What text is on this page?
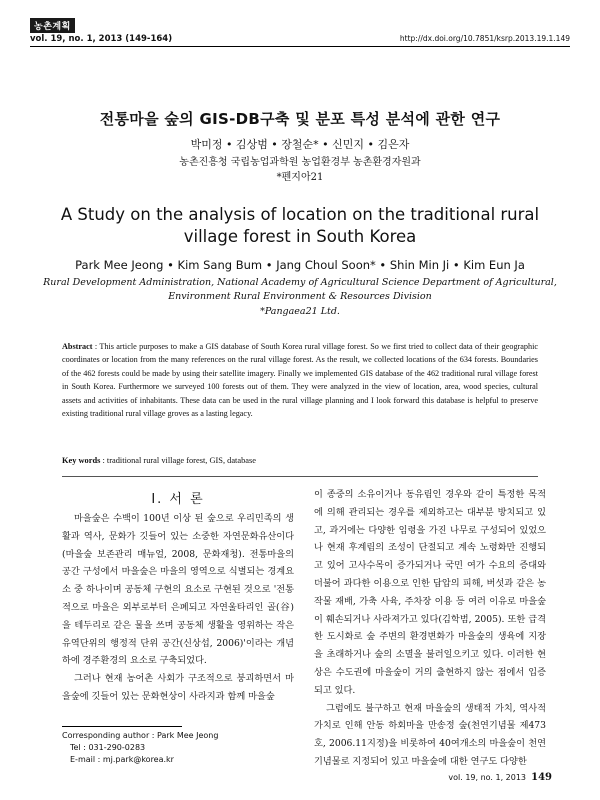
농촌계획
vol. 19, no. 1, 2013 (149-164)	http://dx.doi.org/10.7851/ksrp.2013.19.1.149
전통마을 숲의 GIS-DB구축 및 분포 특성 분석에 관한 연구
박미정 • 김상범 • 장철순* • 신민지 • 김은자
농촌진흥청 국립농업과학원 농업환경부 농촌환경자원과
*펜지아21
A Study on the analysis of location on the traditional rural village forest in South Korea
Park Mee Jeong • Kim Sang Bum • Jang Choul Soon* • Shin Min Ji • Kim Eun Ja
Rural Development Administration, National Academy of Agricultural Science Department of Agricultural, Environment Rural Environment & Resources Division
*Pangaea21 Ltd.
Abstract : This article purposes to make a GIS database of South Korea rural village forest. So we first tried to collect data of their geographic coordinates or location from the many references on the rural village forest. As the result, we collected locations of the 634 forests. Boundaries of the 462 forests could be made by using their satellite imagery. Finally we implemented GIS database of the 462 traditional rural village forest in South Korea. Furthermore we surveyed 100 forests out of them. They were analyzed in the view of location, area, wood species, cultural assets and activities of inhabitants. These data can be used in the rural village planning and I look forward this database is helpful to preserve existing traditional rural village groves as a lasting legacy.
Key words : traditional rural village forest, GIS, database
Ⅰ. 서 론

마을숲은 수백이 100년 이상 된 숲으로 우리민족의 생활과 역사, 문화가 깃들어 있는 소중한 자연문화유산이다(마을숲 보존관리 매뉴얼, 2008, 문화재청). 전통마을의 공간 구성에서 마을숲은 마을의 영역으로 식별되는 경계요소 중 하나이며 공동체 구현의 요소로 구현된 것으로 '전통적으로 마을은 외부로부터 은폐되고 자연울타리인 골(谷)을 테두리로 같은 물을 쓰며 공동체 생활을 영위하는 작은 유역단위의 행정적 단위 공간(신상섭, 2006)'이라는 개념 하에 경주환경의 요소로 구축되었다.

그러나 현재 농어촌 사회가 구조적으로 붕괴하면서 마을숲에 깃들어 있는 문화현상이 사라지과 함께 마을숲

이 종중의 소유이거나 동유림인 경우와 같이 특정한 목적에 의해 관리되는 경우를 제외하고는 대부분 방치되고 있고, 과거에는 다양한 임령을 가진 나무로 구성되어 있었으나 현재 후계림의 조성이 단절되고 계속 노령화만 진행되고 있어 고사수목이 증가되거나 국민 여가 수요의 증대와 더불어 과다한 이용으로 인한 답압의 피해, 버섯과 같은 농작물 재배, 가축 사육, 주차장 이용 등 여러 이유로 마을숲이 훼손되거나 사라져가고 있다(김학범, 2005). 또한 급격한 도시화로 숲 주변의 환경변화가 마을숲의 생육에 지장을 초래하거나 숲의 소멸을 불러일으키고 있다. 이러한 현상은 수도권에 마을숲이 거의 출현하지 않는 점에서 입증되고 있다.

그럼에도 불구하고 현재 마을숲의 생태적 가치, 역사적 가치로 인해 안동 하회마을 만송정 숲(천연기념물 제473호, 2006.11지정)을 비롯하여 40여개소의 마을숲이 천연기념물로 지정되어 있고 마을숲에 대한 연구도 다양한

Corresponding author : Park Mee Jeong
Tel : 031-290-0283
E-mail : mj.park@korea.kr
vol. 19, no. 1, 2013 149
